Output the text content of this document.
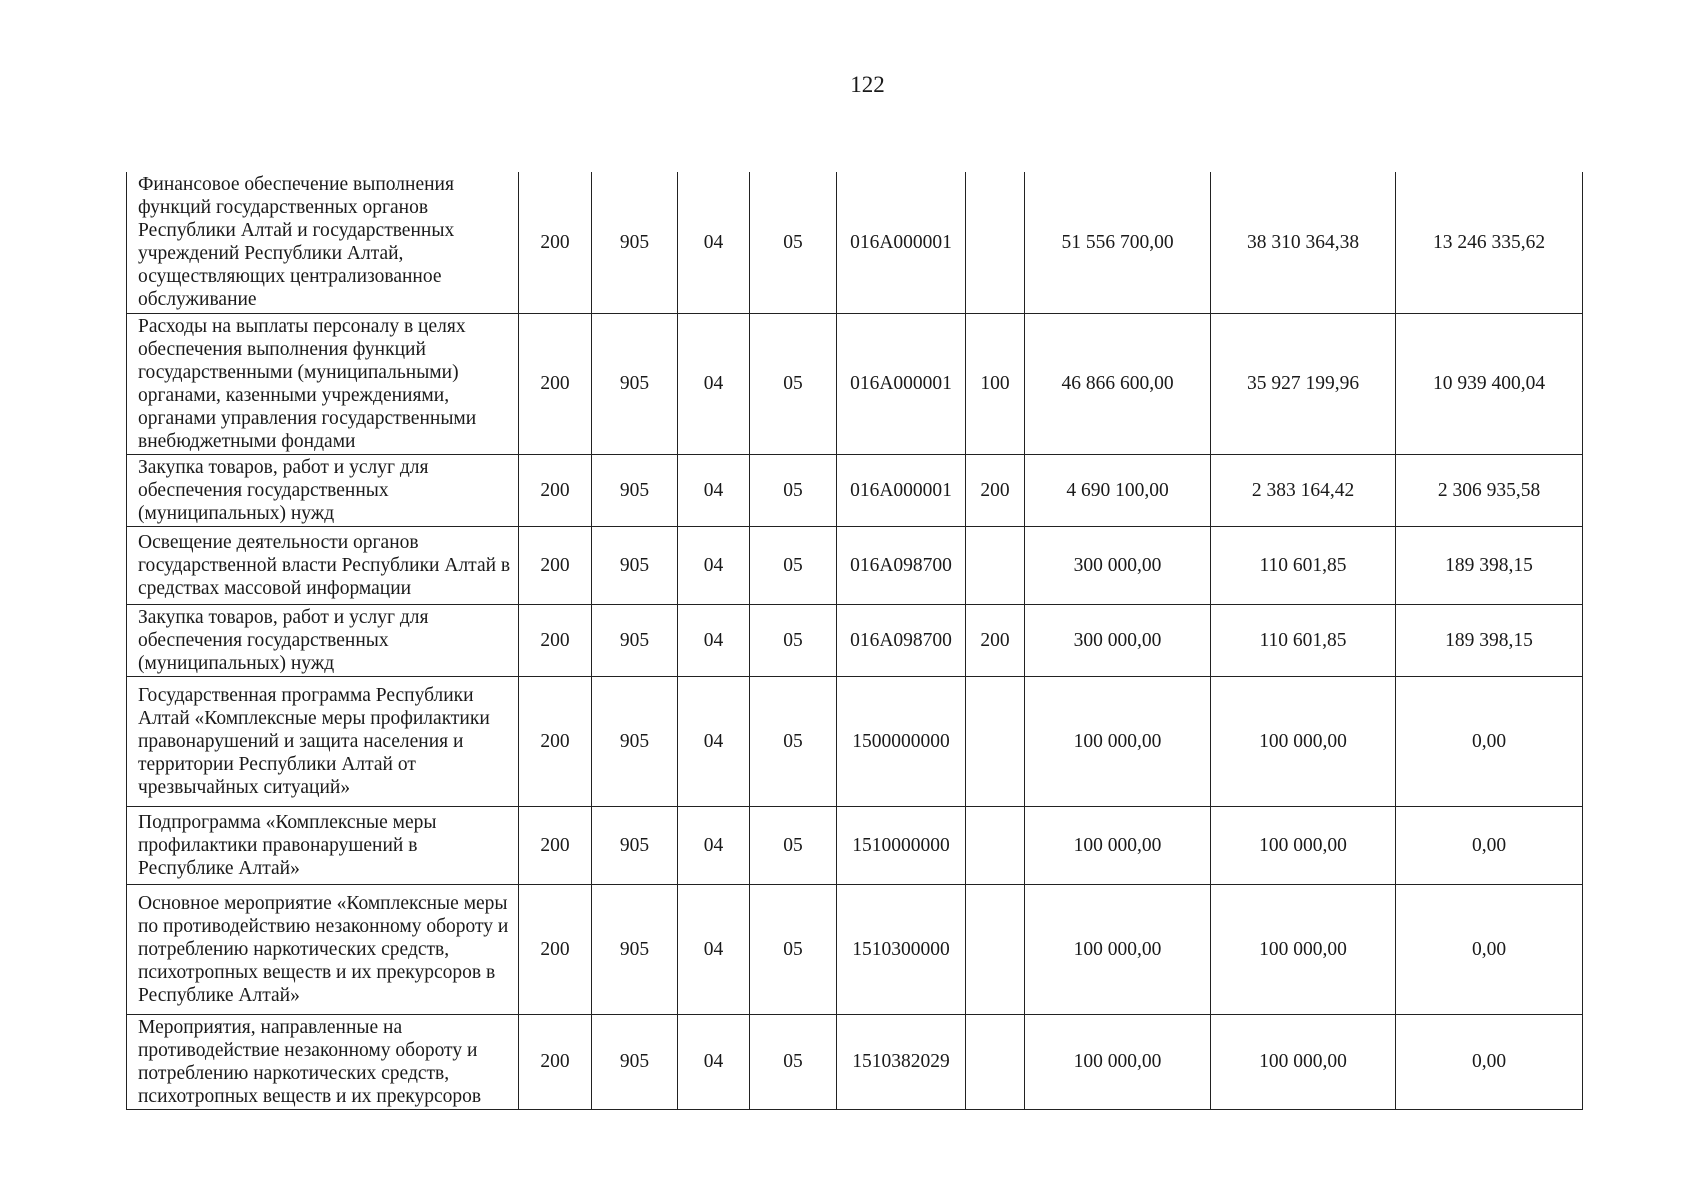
122
Финансовое обеспечение выполнения функций государственных органов Республики Алтай и государственных учреждений Республики Алтай, осуществляющих централизованное обслуживание	200	905	04	05	016А000001		51 556 700,00	38 310 364,38	13 246 335,62
Расходы на выплаты персоналу в целях обеспечения выполнения функций государственными (муниципальными) органами, казенными учреждениями, органами управления государственными внебюджетными фондами	200	905	04	05	016А000001	100	46 866 600,00	35 927 199,96	10 939 400,04
Закупка товаров, работ и услуг для обеспечения государственных (муниципальных) нужд	200	905	04	05	016А000001	200	4 690 100,00	2 383 164,42	2 306 935,58
Освещение деятельности органов государственной власти Республики Алтай в средствах массовой информации	200	905	04	05	016А098700		300 000,00	110 601,85	189 398,15
Закупка товаров, работ и услуг для обеспечения государственных (муниципальных) нужд	200	905	04	05	016А098700	200	300 000,00	110 601,85	189 398,15
Государственная программа Республики Алтай «Комплексные меры профилактики правонарушений и защита населения и территории Республики Алтай от чрезвычайных ситуаций»	200	905	04	05	1500000000		100 000,00	100 000,00	0,00
Подпрограмма «Комплексные меры профилактики правонарушений в Республике Алтай»	200	905	04	05	1510000000		100 000,00	100 000,00	0,00
Основное мероприятие «Комплексные меры по противодействию незаконному обороту и потреблению наркотических средств, психотропных веществ и их прекурсоров в Республике Алтай»	200	905	04	05	1510300000		100 000,00	100 000,00	0,00
Мероприятия, направленные на противодействие незаконному обороту и потреблению наркотических средств, психотропных веществ и их прекурсоров	200	905	04	05	1510382029		100 000,00	100 000,00	0,00
